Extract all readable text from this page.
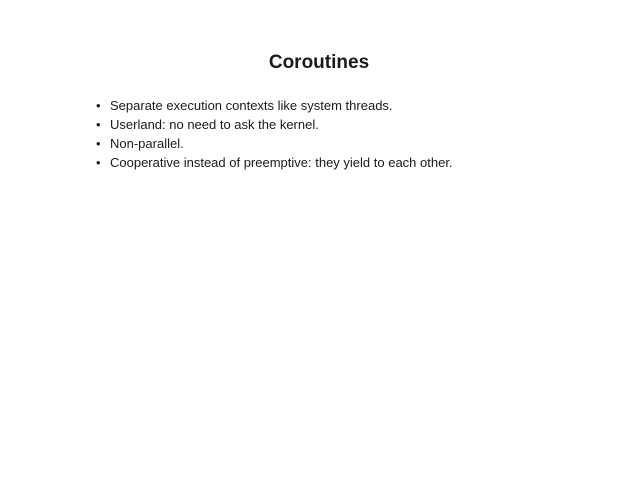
Coroutines
• Separate execution contexts like system threads.
• Userland: no need to ask the kernel.
• Non-parallel.
• Cooperative instead of preemptive: they yield to each other.
